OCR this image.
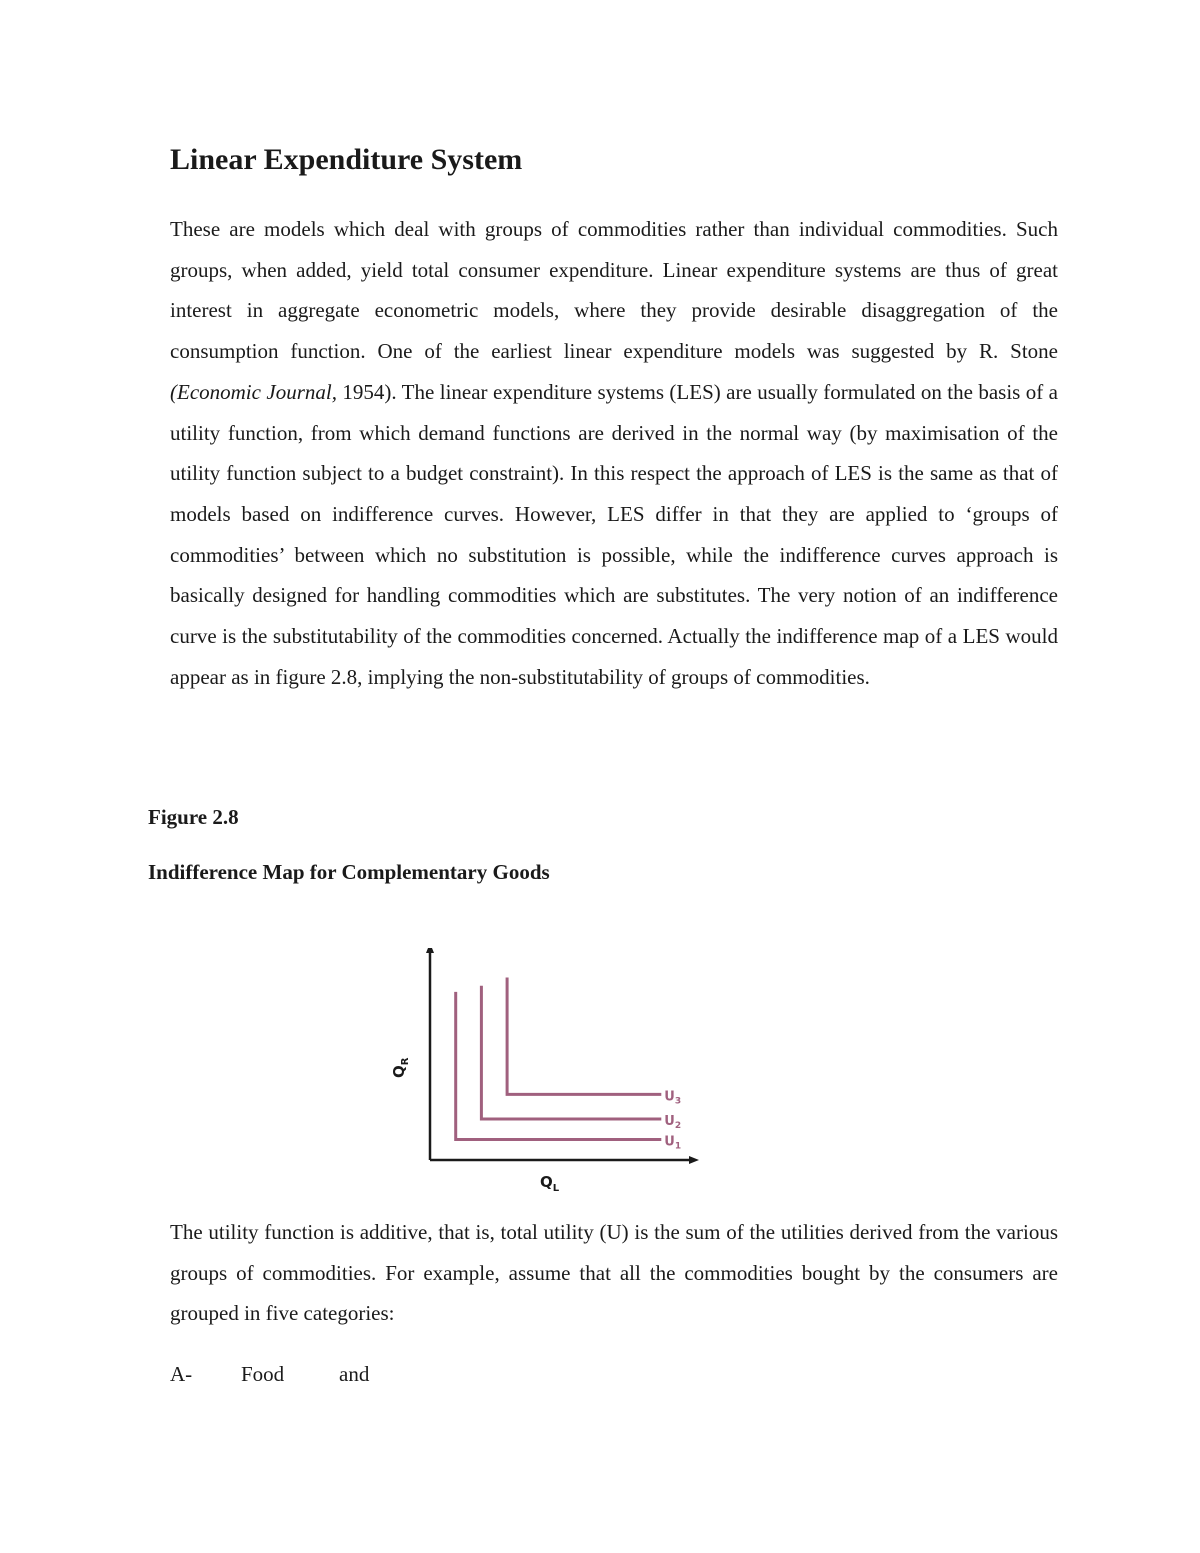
Linear Expenditure System

These are models which deal with groups of commodities rather than individual commodities. Such groups, when added, yield total consumer expenditure. Linear expenditure systems are thus of great interest in aggregate econometric models, where they provide desirable disaggregation of the consumption function. One of the earliest linear expenditure models was suggested by R. Stone (Economic Journal, 1954). The linear expenditure systems (LES) are usually formulated on the basis of a utility function, from which demand functions are derived in the normal way (by maximisation of the utility function subject to a budget constraint). In this respect the approach of LES is the same as that of models based on indifference curves. However, LES differ in that they are applied to ‘groups of commodities’ between which no substitution is possible, while the indifference curves approach is basically designed for handling commodities which are substitutes. The very notion of an indifference curve is the substitutability of the commodities concerned. Actually the indifference map of a LES would appear as in figure 2.8, implying the non-substitutability of groups of commodities.

Figure 2.8

Indifference Map for Complementary Goods

$U_1$
$U_2$
$U_3$
$Q_L$
$Q_R$

The utility function is additive, that is, total utility (U) is the sum of the utilities derived from the various groups of commodities. For example, assume that all the commodities bought by the consumers are grouped in five categories:

A- Food	and
